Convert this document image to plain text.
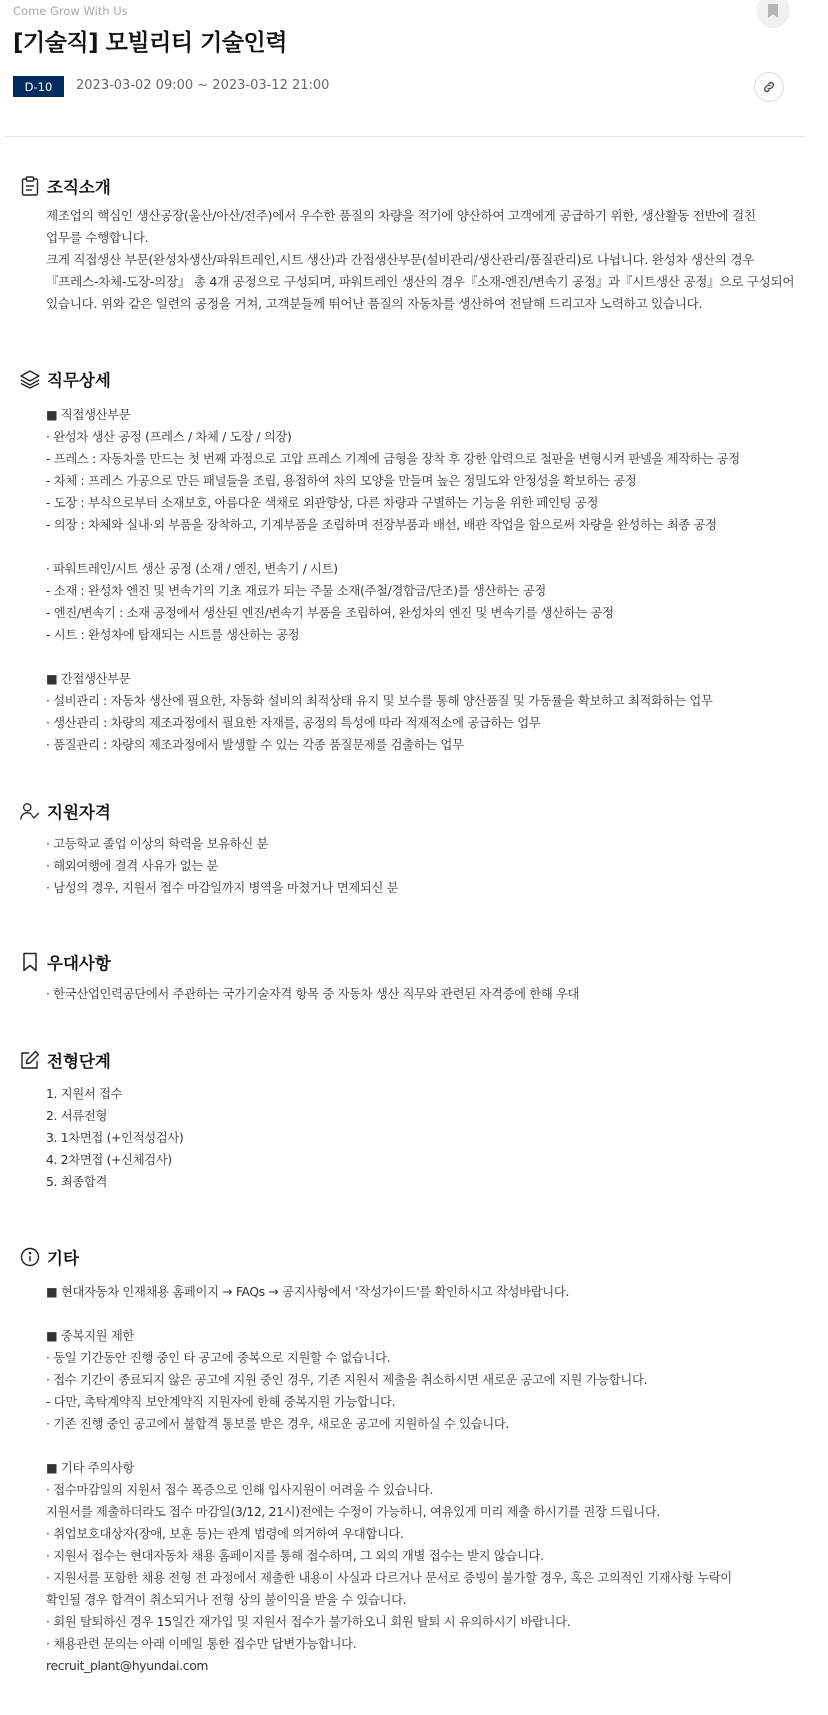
Come Grow With Us
[기술직] 모빌리티 기술인력
D-10	2023-03-02 09:00 ~ 2023-03-12 21:00
조직소개
제조업의 핵심인 생산공장(울산/아산/전주)에서 우수한 품질의 차량을 적기에 양산하여 고객에게 공급하기 위한, 생산활동 전반에 걸친
업무를 수행합니다.
크게 직접생산 부문(완성차생산/파워트레인,시트 생산)과 간접생산부문(설비관리/생산관리/품질관리)로 나뉩니다. 완성차 생산의 경우
『프레스-차체-도장-의장』 총 4개 공정으로 구성되며, 파워트레인 생산의 경우『소재-엔진/변속기 공정』과『시트생산 공정』으로 구성되어
있습니다. 위와 같은 일련의 공정을 거쳐, 고객분들께 뛰어난 품질의 자동차를 생산하여 전달해 드리고자 노력하고 있습니다.
직무상세
■ 직접생산부문
· 완성차 생산 공정 (프레스 / 차체 / 도장 / 의장)
- 프레스 : 자동차를 만드는 첫 번째 과정으로 고압 프레스 기계에 금형을 장착 후 강한 압력으로 철판을 변형시켜 판넬을 제작하는 공정
- 차체 : 프레스 가공으로 만든 패널들을 조립, 용접하여 차의 모양을 만들며 높은 정밀도와 안정성을 확보하는 공정
- 도장 : 부식으로부터 소재보호, 아름다운 색채로 외관향상, 다른 차량과 구별하는 기능을 위한 페인팅 공정
- 의장 : 차체와 실내·외 부품을 장착하고, 기계부품을 조립하며 전장부품과 배선, 배관 작업을 함으로써 차량을 완성하는 최종 공정
· 파워트레인/시트 생산 공정 (소재 / 엔진, 변속기 / 시트)
- 소재 : 완성차 엔진 및 변속기의 기초 재료가 되는 주물 소재(주철/경합금/단조)를 생산하는 공정
- 엔진/변속기 : 소재 공정에서 생산된 엔진/변속기 부품을 조립하여, 완성차의 엔진 및 변속기를 생산하는 공정
- 시트 : 완성차에 탑재되는 시트를 생산하는 공정
■ 간접생산부문
· 설비관리 : 자동차 생산에 필요한, 자동화 설비의 최적상태 유지 및 보수를 통해 양산품질 및 가동률을 확보하고 최적화하는 업무
· 생산관리 : 차량의 제조과정에서 필요한 자재를, 공정의 특성에 따라 적재적소에 공급하는 업무
· 품질관리 : 차량의 제조과정에서 발생할 수 있는 각종 품질문제를 검출하는 업무
지원자격
· 고등학교 졸업 이상의 학력을 보유하신 분
· 해외여행에 결격 사유가 없는 분
· 남성의 경우, 지원서 접수 마감일까지 병역을 마쳤거나 면제되신 분
우대사항
· 한국산업인력공단에서 주관하는 국가기술자격 항목 중 자동차 생산 직무와 관련된 자격증에 한해 우대
전형단계
1. 지원서 접수
2. 서류전형
3. 1차면접 (+인적성검사)
4. 2차면접 (+신체검사)
5. 최종합격
기타
■ 현대자동차 인재채용 홈페이지 → FAQs → 공지사항에서 '작성가이드'를 확인하시고 작성바랍니다.
■ 중복지원 제한
· 동일 기간동안 진행 중인 타 공고에 중복으로 지원할 수 없습니다.
· 접수 기간이 종료되지 않은 공고에 지원 중인 경우, 기존 지원서 제출을 취소하시면 새로운 공고에 지원 가능합니다.
- 다만, 촉탁계약직 보안계약직 지원자에 한해 중복지원 가능합니다.
· 기존 진행 중인 공고에서 불합격 통보를 받은 경우, 새로운 공고에 지원하실 수 있습니다.
■ 기타 주의사항
· 접수마감일의 지원서 접수 폭증으로 인해 입사지원이 어려울 수 있습니다.
지원서를 제출하더라도 접수 마감일(3/12, 21시)전에는 수정이 가능하니, 여유있게 미리 제출 하시기를 권장 드립니다.
· 취업보호대상자(장애, 보훈 등)는 관계 법령에 의거하여 우대합니다.
· 지원서 접수는 현대자동차 채용 홈페이지를 통해 접수하며, 그 외의 개별 접수는 받지 않습니다.
· 지원서를 포함한 채용 전형 전 과정에서 제출한 내용이 사실과 다르거나 문서로 증빙이 불가할 경우, 혹은 고의적인 기재사항 누락이
확인될 경우 합격이 취소되거나 전형 상의 불이익을 받을 수 있습니다.
· 회원 탈퇴하신 경우 15일간 재가입 및 지원서 접수가 불가하오니 회원 탈퇴 시 유의하시기 바랍니다.
· 채용관련 문의는 아래 이메일 통한 접수만 답변가능합니다.
recruit_plant@hyundai.com
